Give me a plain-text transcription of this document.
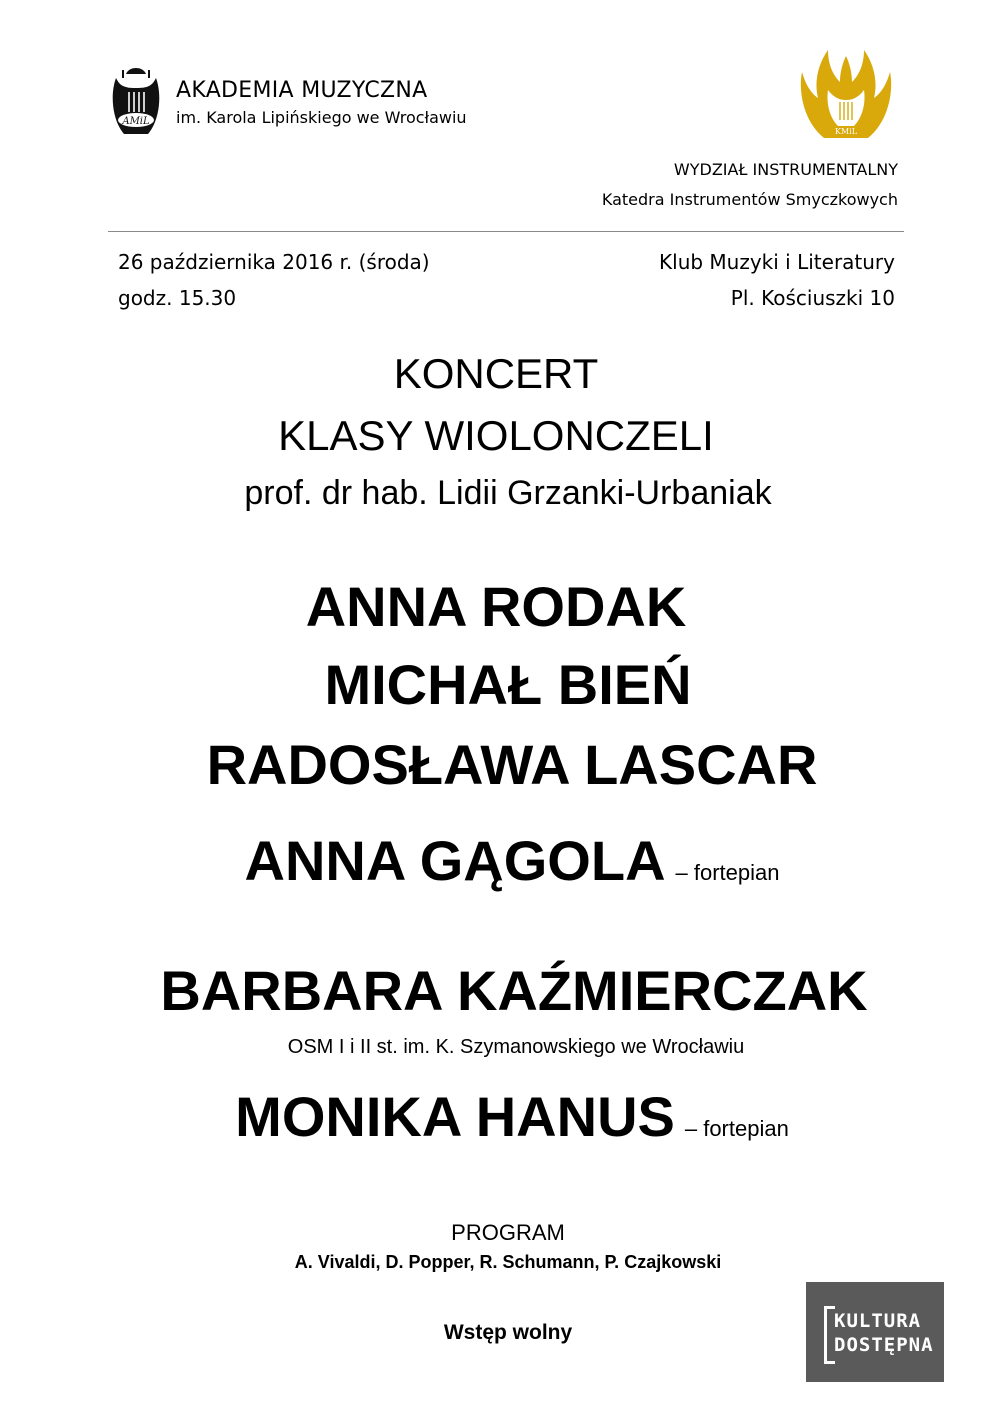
AMiL
AKADEMIA MUZYCZNA
im. Karola Lipińskiego we Wrocławiu
KMiL
WYDZIAŁ INSTRUMENTALNY
Katedra Instrumentów Smyczkowych
26 października 2016 r. (środa)
godz. 15.30
Klub Muzyki i Literatury
Pl. Kościuszki 10
KONCERT
KLASY WIOLONCZELI
prof. dr hab. Lidii Grzanki-Urbaniak
ANNA RODAK
MICHAŁ BIEŃ
RADOSŁAWA LASCAR
ANNA GĄGOLA – fortepian
BARBARA KAŹMIERCZAK
OSM I i II st. im. K. Szymanowskiego we Wrocławiu
MONIKA HANUS – fortepian
PROGRAM
A. Vivaldi, D. Popper, R. Schumann, P. Czajkowski
Wstęp wolny	KULTURA
DOSTĘPNA
